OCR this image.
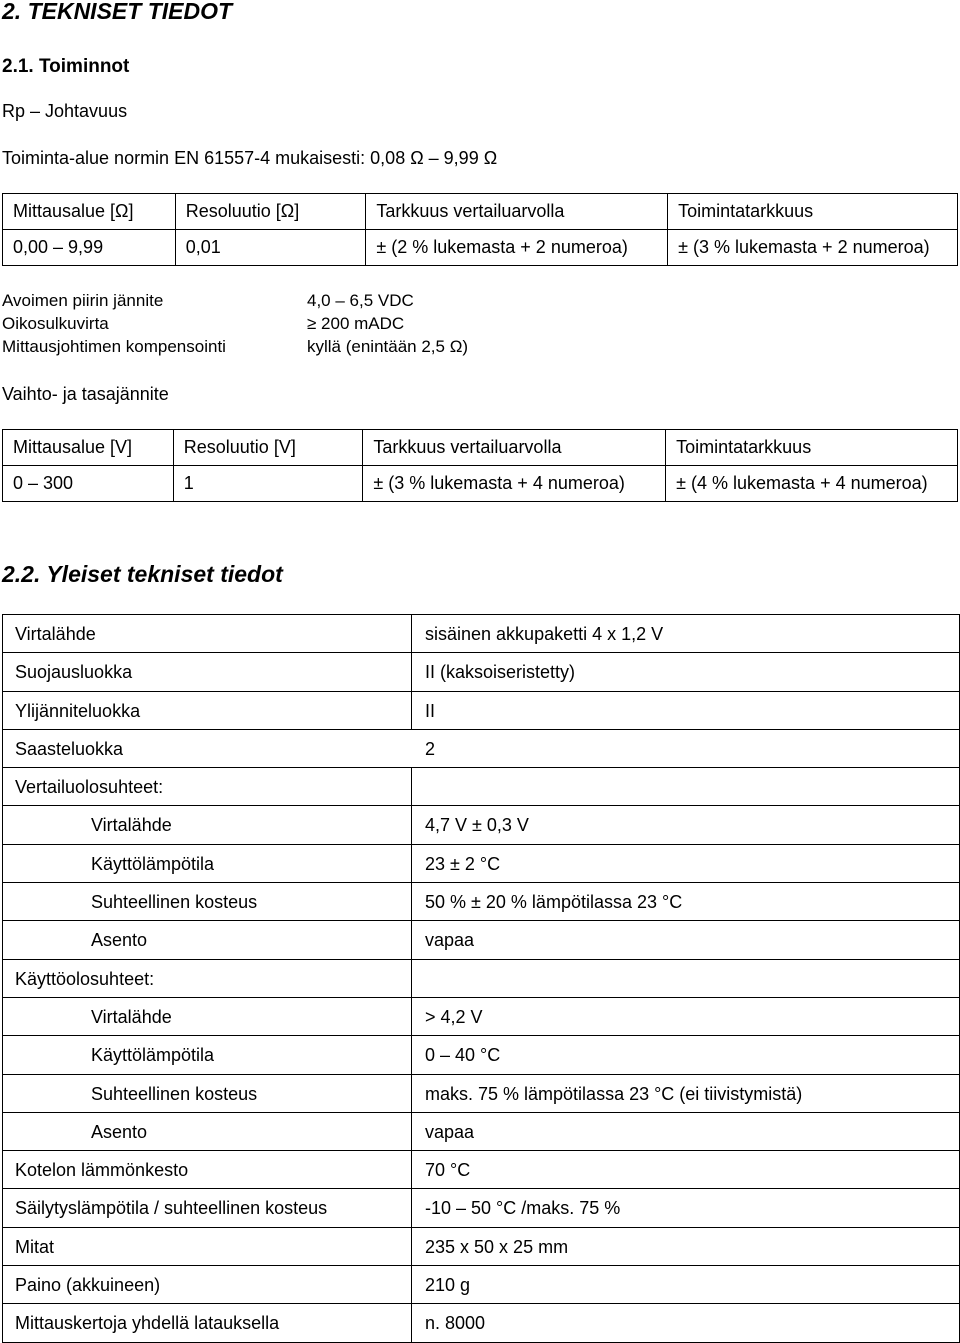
2. TEKNISET TIEDOT
2.1. Toiminnot
Rp – Johtavuus
Toiminta-alue normin EN 61557-4 mukaisesti: 0,08 Ω – 9,99 Ω
Mittausalue [Ω]	Resoluutio [Ω]	Tarkkuus vertailuarvolla	Toimintatarkkuus
0,00 – 9,99	0,01	± (2 % lukemasta + 2 numeroa)	± (3 % lukemasta + 2 numeroa)
Avoimen piirin jännite	4,0 – 6,5 VDC
Oikosulkuvirta	≥ 200 mADC
Mittausjohtimen kompensointi	kyllä (enintään 2,5 Ω)
Vaihto- ja tasajännite
Mittausalue [V]	Resoluutio [V]	Tarkkuus vertailuarvolla	Toimintatarkkuus
0 – 300	1	± (3 % lukemasta + 4 numeroa)	± (4 % lukemasta + 4 numeroa)
2.2. Yleiset tekniset tiedot
Virtalähde	sisäinen akkupaketti 4 x 1,2 V
Suojausluokka	II (kaksoiseristetty)
Ylijänniteluokka	II
Saasteluokka	2
Vertailuolosuhteet:
Virtalähde	4,7 V ± 0,3 V
Käyttölämpötila	23 ± 2 °C
Suhteellinen kosteus	50 % ± 20 % lämpötilassa 23 °C
Asento	vapaa
Käyttöolosuhteet:
Virtalähde	> 4,2 V
Käyttölämpötila	0 – 40 °C
Suhteellinen kosteus	maks. 75 % lämpötilassa 23 °C (ei tiivistymistä)
Asento	vapaa
Kotelon lämmönkesto	70 °C
Säilytyslämpötila / suhteellinen kosteus	-10 – 50 °C /maks. 75 %
Mitat	235 x 50 x 25 mm
Paino (akkuineen)	210 g
Mittauskertoja yhdellä latauksella	n. 8000
